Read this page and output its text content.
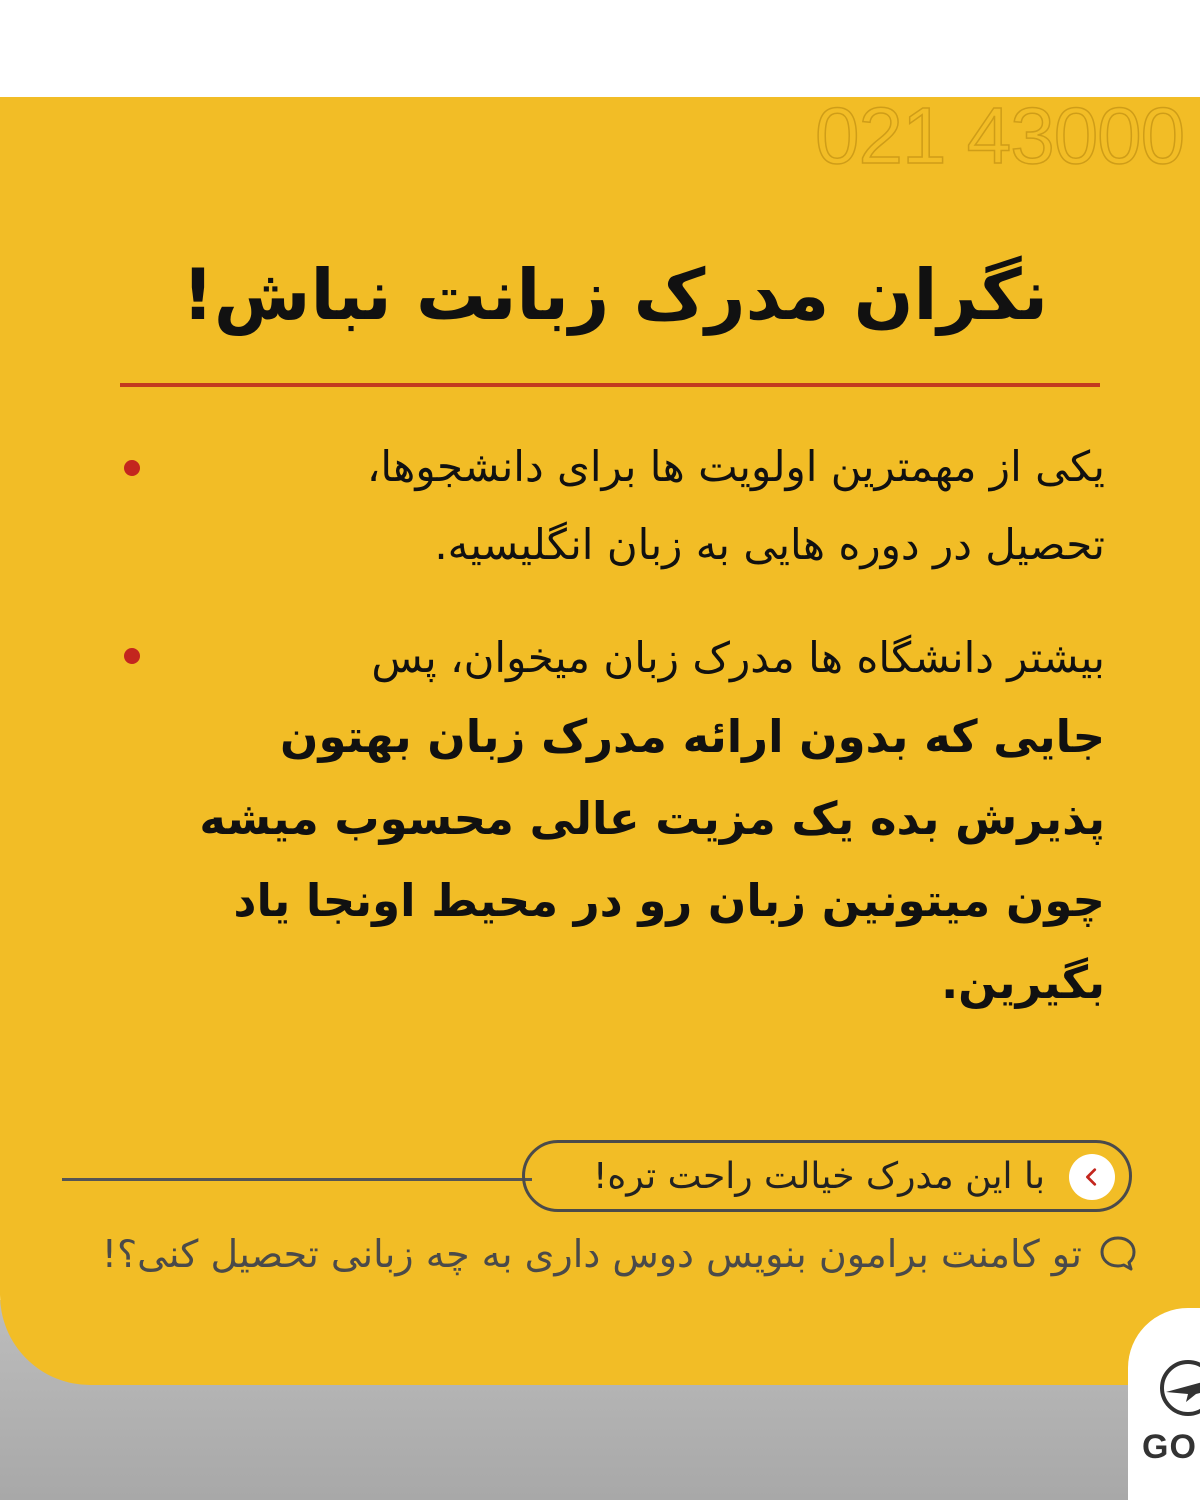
021 43000
نگران مدرک زبانت نباش!
یکی از مهمترین اولویت ها برای دانشجوها،
تحصیل در دوره هایی به زبان انگلیسیه.
بیشتر دانشگاه ها مدرک زبان میخوان، پس
جایی که بدون ارائه مدرک زبان بهتون
پذیرش بده یک مزیت عالی محسوب میشه
چون میتونین زبان رو در محیط اونجا یاد
بگیرین.
با این مدرک خیالت راحت تره!
تو کامنت برامون بنویس دوس داری به چه زبانی تحصیل کنی؟!
GO
